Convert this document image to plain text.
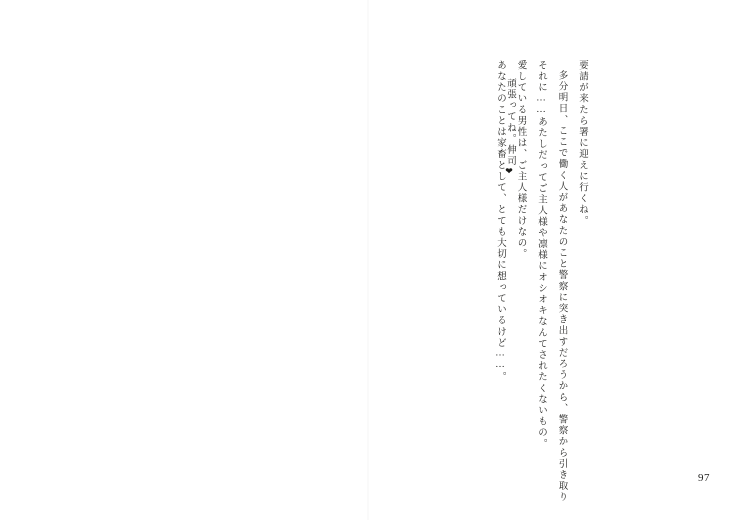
要請が来たら署に迎えに行くね。
多分明日、ここで働く人があなたのこと警察に突き出すだろうから、警察から引き取り
それに……あたしだってご主人様や凛様にオシオキなんてされたくないもの。
愛している男性は、ご主人様だけなの。
あなたのことは家畜として、とても大切に想っているけど……。 頑張ってね。伸司❤
97
